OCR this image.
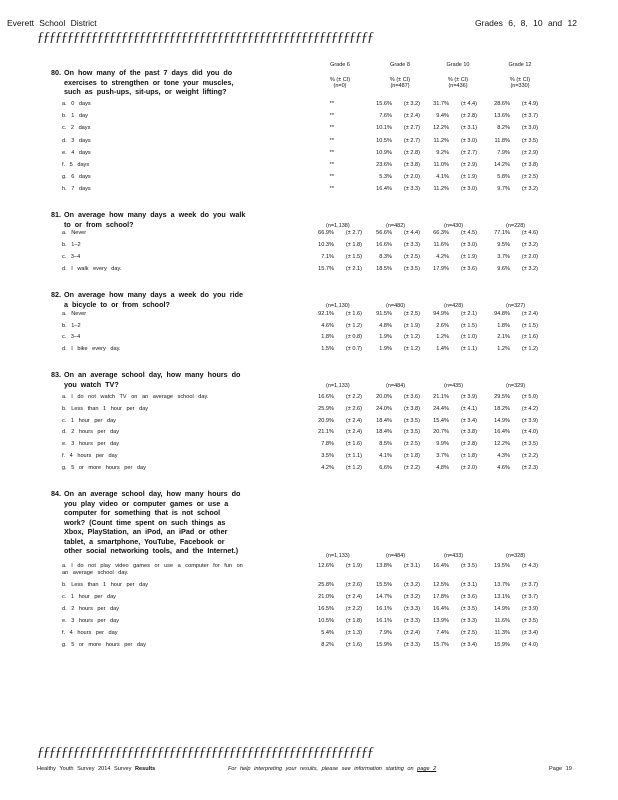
Everett School District	Grades 6, 8, 10 and 12
ƒƒƒƒƒƒƒƒƒƒƒƒƒƒƒƒƒƒƒƒƒƒƒƒƒƒƒƒƒƒƒƒƒƒƒƒƒƒƒƒƒƒƒƒƒƒƒƒƒƒƒƒƒƒƒƒ
Grade 6
% (± CI)
(n=0)
Grade 8
% (± CI)
(n=487)
Grade 10
% (± CI)
(n=436)
Grade 12
% (± CI)
(n=330)
80. On how many of the past 7 days did you do
exercises to strengthen or tone your muscles,
such as push-ups, sit-ups, or weight lifting?
a. 0 days	**	15.6%	(± 3.2)	31.7%	(± 4.4)	28.6%	(± 4.9)
b. 1 day	**	7.6%	(± 2.4)	9.4%	(± 2.8)	13.6%	(± 3.7)
c. 2 days	**	10.1%	(± 2.7)	12.2%	(± 3.1)	8.2%	(± 3.0)
d. 3 days	**	10.5%	(± 2.7)	11.2%	(± 3.0)	11.8%	(± 3.5)
e. 4 days	**	10.9%	(± 2.8)	9.2%	(± 2.7)	7.9%	(± 2.9)
f. 5 days	**	23.6%	(± 3.8)	11.0%	(± 2.9)	14.2%	(± 3.8)
g. 6 days	**	5.3%	(± 2.0)	4.1%	(± 1.9)	5.8%	(± 2.5)
h. 7 days	**	16.4%	(± 3.3)	11.2%	(± 3.0)	9.7%	(± 3.2)
81. On average how many days a week do you walk
to or from school?	(n=1,138)	(n=482)	(n=430)	(n=228)
a. Never	66.9%	(± 2.7)	56.6%	(± 4.4)	66.3%	(± 4.5)	77.1%	(± 4.6)
b. 1–2	10.3%	(± 1.8)	16.6%	(± 3.3)	11.6%	(± 3.0)	9.5%	(± 3.2)
c. 3–4	7.1%	(± 1.5)	8.3%	(± 2.5)	4.2%	(± 1.9)	3.7%	(± 2.0)
d. I walk every day.	15.7%	(± 2.1)	18.5%	(± 3.5)	17.9%	(± 3.6)	9.6%	(± 3.2)
82. On average how many days a week do you ride
a bicycle to or from school?	(n=1,130)	(n=480)	(n=428)	(n=327)
a. Never	92.1%	(± 1.6)	91.5%	(± 2.5)	94.9%	(± 2.1)	94.8%	(± 2.4)
b. 1–2	4.6%	(± 1.2)	4.8%	(± 1.9)	2.6%	(± 1.5)	1.8%	(± 1.5)
c. 3–4	1.8%	(± 0.8)	1.9%	(± 1.2)	1.2%	(± 1.0)	2.1%	(± 1.6)
d. I bike every day.	1.5%	(± 0.7)	1.9%	(± 1.2)	1.4%	(± 1.1)	1.2%	(± 1.2)
83. On an average school day, how many hours do
you watch TV?	(n=1,133)	(n=484)	(n=435)	(n=329)
a. I do not watch TV on an average school day.	16.6%	(± 2.2)	20.0%	(± 3.6)	21.1%	(± 3.9)	29.5%	(± 5.0)
b. Less than 1 hour per day	25.9%	(± 2.6)	24.0%	(± 3.8)	24.4%	(± 4.1)	18.2%	(± 4.2)
c. 1 hour per day	20.9%	(± 2.4)	18.4%	(± 3.5)	15.4%	(± 3.4)	14.9%	(± 3.9)
d. 2 hours per day	21.1%	(± 2.4)	18.4%	(± 3.5)	20.7%	(± 3.8)	16.4%	(± 4.0)
e. 3 hours per day	7.8%	(± 1.6)	8.5%	(± 2.5)	9.9%	(± 2.8)	12.2%	(± 3.5)
f. 4 hours per day	3.5%	(± 1.1)	4.1%	(± 1.8)	3.7%	(± 1.8)	4.3%	(± 2.2)
g. 5 or more hours per day	4.2%	(± 1.2)	6.6%	(± 2.2)	4.8%	(± 2.0)	4.6%	(± 2.3)
84. On an average school day, how many hours do
you play video or computer games or use a
computer for something that is not school
work? (Count time spent on such things as
Xbox, PlayStation, an iPod, an iPad or other
tablet, a smartphone, YouTube, Facebook or
other social networking tools, and the Internet.)
(n=1,133)	(n=484)	(n=433)	(n=328)
a. I do not play video games or use a computer for fun on
an average school day.
12.6%	(± 1.9)	13.8%	(± 3.1)	16.4%	(± 3.5)	19.5%	(± 4.3)
b. Less than 1 hour per day	25.8%	(± 2.6)	15.5%	(± 3.2)	12.5%	(± 3.1)	13.7%	(± 3.7)
c. 1 hour per day	21.0%	(± 2.4)	14.7%	(± 3.2)	17.8%	(± 3.6)	13.1%	(± 3.7)
d. 2 hours per day	16.5%	(± 2.2)	16.1%	(± 3.3)	16.4%	(± 3.5)	14.9%	(± 3.9)
e. 3 hours per day	10.5%	(± 1.8)	16.1%	(± 3.3)	13.9%	(± 3.3)	11.6%	(± 3.5)
f. 4 hours per day	5.4%	(± 1.3)	7.9%	(± 2.4)	7.4%	(± 2.5)	11.3%	(± 3.4)
g. 5 or more hours per day	8.2%	(± 1.6)	15.9%	(± 3.3)	15.7%	(± 3.4)	15.9%	(± 4.0)
ƒƒƒƒƒƒƒƒƒƒƒƒƒƒƒƒƒƒƒƒƒƒƒƒƒƒƒƒƒƒƒƒƒƒƒƒƒƒƒƒƒƒƒƒƒƒƒƒƒƒƒƒƒƒƒƒ
Healthy Youth Survey 2014 Survey Results	For help interpreting your results, please see information starting on page 2	Page 19
